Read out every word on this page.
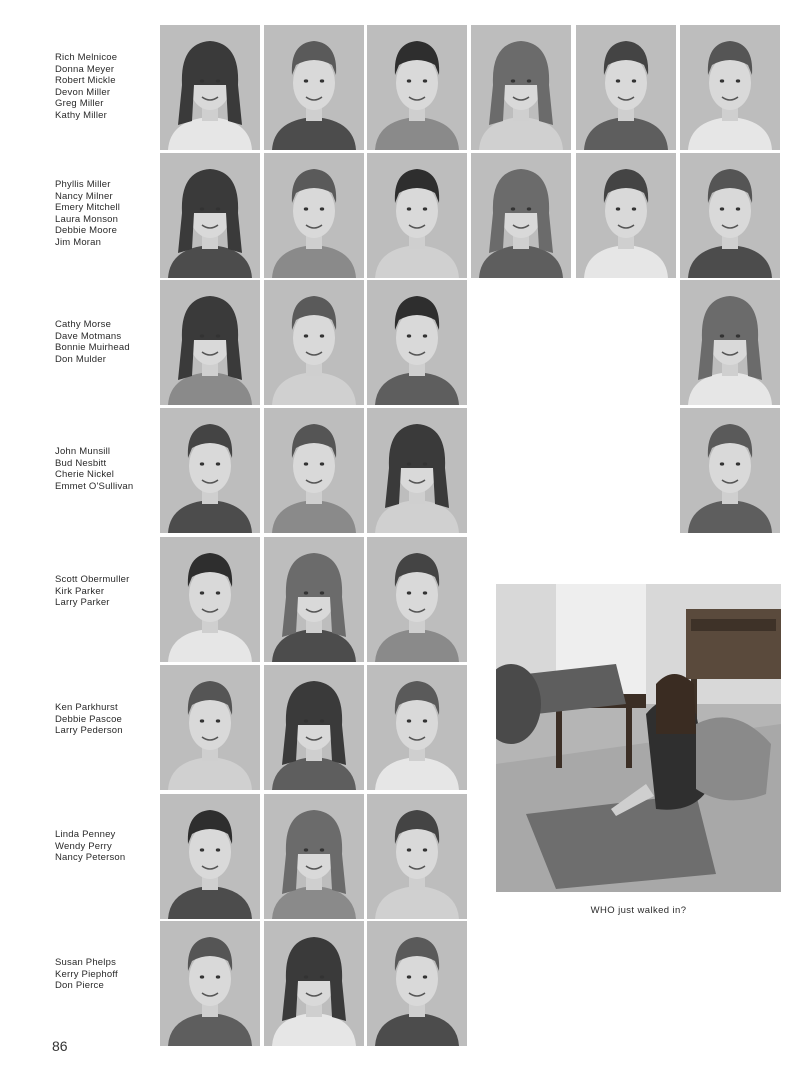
WHO just walked in?
86
Rich Melnicoe
Donna Meyer
Robert Mickle
Devon Miller
Greg Miller
Kathy Miller
Phyllis Miller
Nancy Milner
Emery Mitchell
Laura Monson
Debbie Moore
Jim Moran
Cathy Morse
Dave Motmans
Bonnie Muirhead
Don Mulder
John Munsill
Bud Nesbitt
Cherie Nickel
Emmet O'Sullivan
Scott Obermuller
Kirk Parker
Larry Parker
Ken Parkhurst
Debbie Pascoe
Larry Pederson
Linda Penney
Wendy Perry
Nancy Peterson
Susan Phelps
Kerry Piephoff
Don Pierce
